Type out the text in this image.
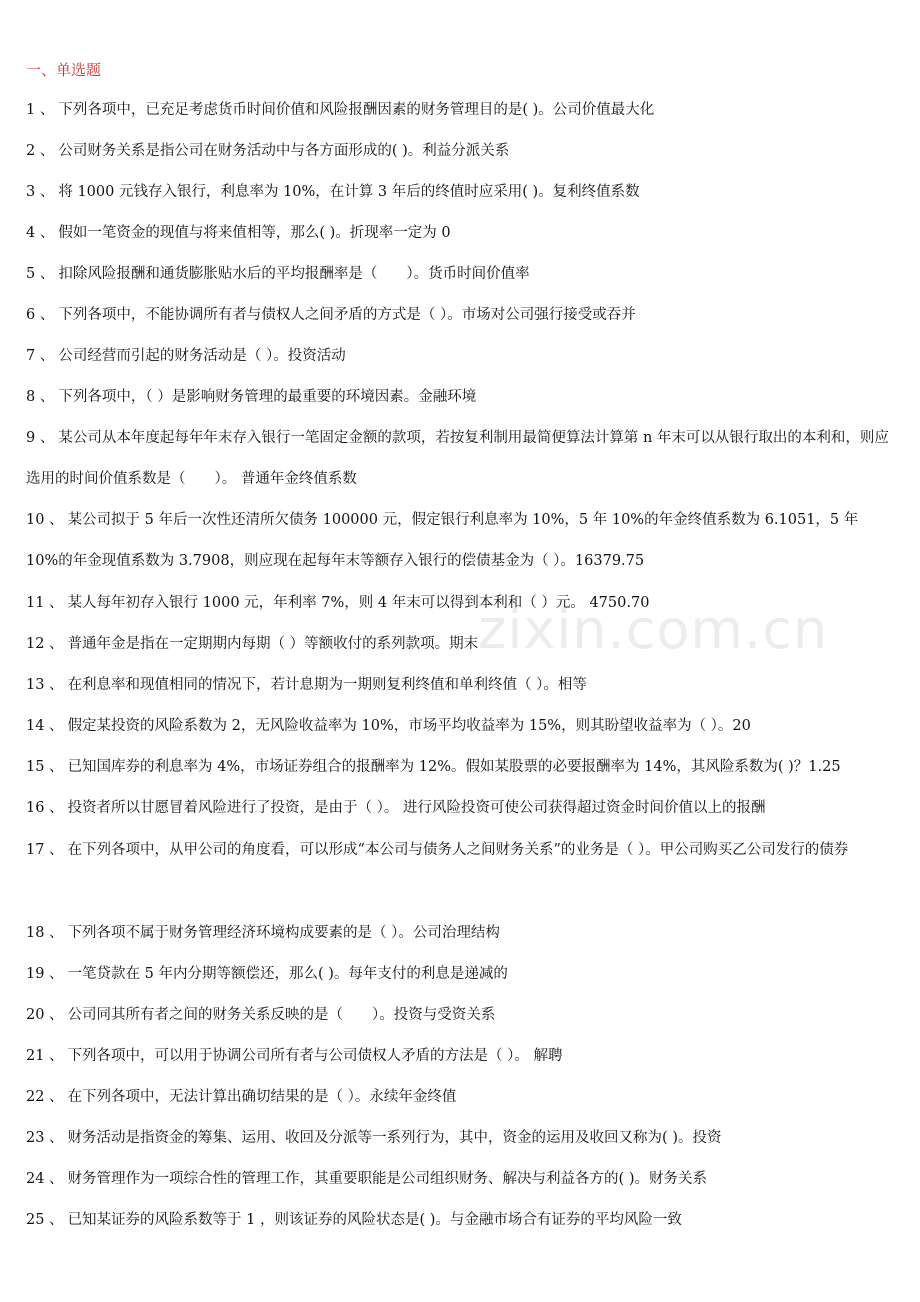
一、单选题
1 、 下列各项中，已充足考虑货币时间价值和风险报酬因素的财务管理目的是( )。公司价值最大化
2 、 公司财务关系是指公司在财务活动中与各方面形成的( )。利益分派关系
3 、 将 1000 元钱存入银行，利息率为 10%，在计算 3 年后的终值时应采用( )。复利终值系数
4 、 假如一笔资金的现值与将来值相等，那么( )。折现率一定为 0
5 、 扣除风险报酬和通货膨胀贴水后的平均报酬率是（　　）。货币时间价值率
6 、 下列各项中，不能协调所有者与债权人之间矛盾的方式是（ ）。市场对公司强行接受或吞并
7 、 公司经营而引起的财务活动是（ ）。投资活动
8 、 下列各项中，（ ）是影响财务管理的最重要的环境因素。金融环境
9 、 某公司从本年度起每年年末存入银行一笔固定金额的款项，若按复利制用最简便算法计算第 n 年末可以从银行取出的本利和，则应选用的时间价值系数是（　　）。 普通年金终值系数
10 、 某公司拟于 5 年后一次性还清所欠债务 100000 元，假定银行利息率为 10%，5 年 10%的年金终值系数为 6.1051，5 年 10%的年金现值系数为 3.7908，则应现在起每年末等额存入银行的偿债基金为（ ）。16379.75
11 、 某人每年初存入银行 1000 元，年利率 7%，则 4 年末可以得到本利和（ ）元。 4750.70
12 、 普通年金是指在一定期期内每期（ ）等额收付的系列款项。期末
13 、 在利息率和现值相同的情况下，若计息期为一期则复利终值和单利终值（ ）。相等
14 、 假定某投资的风险系数为 2，无风险收益率为 10%，市场平均收益率为 15%，则其盼望收益率为（ ）。20
15 、 已知国库券的利息率为 4%，市场证券组合的报酬率为 12%。假如某股票的必要报酬率为 14%，其风险系数为( )？1.25
16 、 投资者所以甘愿冒着风险进行了投资，是由于（ ）。 进行风险投资可使公司获得超过资金时间价值以上的报酬
17 、 在下列各项中，从甲公司的角度看，可以形成“本公司与债务人之间财务关系”的业务是（ ）。甲公司购买乙公司发行的债券
18 、 下列各项不属于财务管理经济环境构成要素的是（ ）。公司治理结构
19 、 一笔贷款在 5 年内分期等额偿还，那么( )。每年支付的利息是递减的
20 、 公司同其所有者之间的财务关系反映的是（　　）。投资与受资关系
21 、 下列各项中，可以用于协调公司所有者与公司债权人矛盾的方法是（ ）。 解聘
22 、 在下列各项中，无法计算出确切结果的是（ ）。永续年金终值
23 、 财务活动是指资金的筹集、运用、收回及分派等一系列行为，其中，资金的运用及收回又称为( )。投资
24 、 财务管理作为一项综合性的管理工作，其重要职能是公司组织财务、解决与利益各方的( )。财务关系
25 、 已知某证券的风险系数等于 1 ，则该证券的风险状态是( )。与金融市场合有证券的平均风险一致
zixin.com.cn
